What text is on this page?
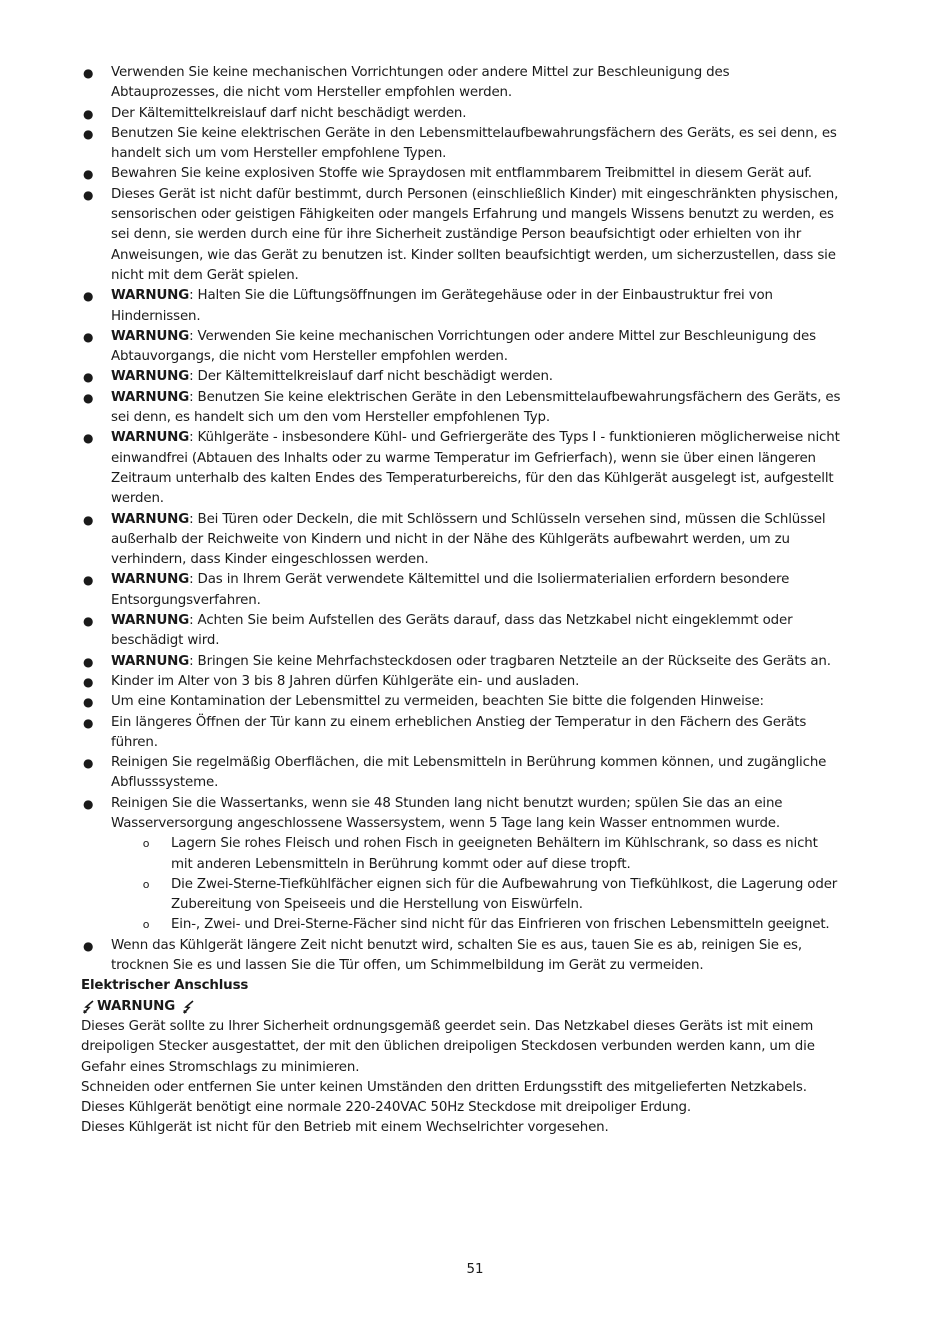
● Verwenden Sie keine mechanischen Vorrichtungen oder andere Mittel zur Beschleunigung des Abtauprozesses, die nicht vom Hersteller empfohlen werden.
● Der Kältemittelkreislauf darf nicht beschädigt werden.
● Benutzen Sie keine elektrischen Geräte in den Lebensmittelaufbewahrungsfächern des Geräts, es sei denn, es handelt sich um vom Hersteller empfohlene Typen.
● Bewahren Sie keine explosiven Stoffe wie Spraydosen mit entflammbarem Treibmittel in diesem Gerät auf.
● Dieses Gerät ist nicht dafür bestimmt, durch Personen (einschließlich Kinder) mit eingeschränkten physischen, sensorischen oder geistigen Fähigkeiten oder mangels Erfahrung und mangels Wissens benutzt zu werden, es sei denn, sie werden durch eine für ihre Sicherheit zuständige Person beaufsichtigt oder erhielten von ihr Anweisungen, wie das Gerät zu benutzen ist. Kinder sollten beaufsichtigt werden, um sicherzustellen, dass sie nicht mit dem Gerät spielen.
● WARNUNG: Halten Sie die Lüftungsöffnungen im Gerätegehäuse oder in der Einbaustruktur frei von Hindernissen.
● WARNUNG: Verwenden Sie keine mechanischen Vorrichtungen oder andere Mittel zur Beschleunigung des Abtauvorgangs, die nicht vom Hersteller empfohlen werden.
● WARNUNG: Der Kältemittelkreislauf darf nicht beschädigt werden.
● WARNUNG: Benutzen Sie keine elektrischen Geräte in den Lebensmittelaufbewahrungsfächern des Geräts, es sei denn, es handelt sich um den vom Hersteller empfohlenen Typ.
● WARNUNG: Kühlgeräte - insbesondere Kühl- und Gefriergeräte des Typs I - funktionieren möglicherweise nicht einwandfrei (Abtauen des Inhalts oder zu warme Temperatur im Gefrierfach), wenn sie über einen längeren Zeitraum unterhalb des kalten Endes des Temperaturbereichs, für den das Kühlgerät ausgelegt ist, aufgestellt werden.
● WARNUNG: Bei Türen oder Deckeln, die mit Schlössern und Schlüsseln versehen sind, müssen die Schlüssel außerhalb der Reichweite von Kindern und nicht in der Nähe des Kühlgeräts aufbewahrt werden, um zu verhindern, dass Kinder eingeschlossen werden.
● WARNUNG: Das in Ihrem Gerät verwendete Kältemittel und die Isoliermaterialien erfordern besondere Entsorgungsverfahren.
● WARNUNG: Achten Sie beim Aufstellen des Geräts darauf, dass das Netzkabel nicht eingeklemmt oder beschädigt wird.
● WARNUNG: Bringen Sie keine Mehrfachsteckdosen oder tragbaren Netzteile an der Rückseite des Geräts an.
● Kinder im Alter von 3 bis 8 Jahren dürfen Kühlgeräte ein- und ausladen.
● Um eine Kontamination der Lebensmittel zu vermeiden, beachten Sie bitte die folgenden Hinweise:
● Ein längeres Öffnen der Tür kann zu einem erheblichen Anstieg der Temperatur in den Fächern des Geräts führen.
● Reinigen Sie regelmäßig Oberflächen, die mit Lebensmitteln in Berührung kommen können, und zugängliche Abflusssysteme.
● Reinigen Sie die Wassertanks, wenn sie 48 Stunden lang nicht benutzt wurden; spülen Sie das an eine Wasserversorgung angeschlossene Wassersystem, wenn 5 Tage lang kein Wasser entnommen wurde.
o Lagern Sie rohes Fleisch und rohen Fisch in geeigneten Behältern im Kühlschrank, so dass es nicht mit anderen Lebensmitteln in Berührung kommt oder auf diese tropft.
o Die Zwei-Sterne-Tiefkühlfächer eignen sich für die Aufbewahrung von Tiefkühlkost, die Lagerung oder Zubereitung von Speiseeis und die Herstellung von Eiswürfeln.
o Ein-, Zwei- und Drei-Sterne-Fächer sind nicht für das Einfrieren von frischen Lebensmitteln geeignet.
● Wenn das Kühlgerät längere Zeit nicht benutzt wird, schalten Sie es aus, tauen Sie es ab, reinigen Sie es, trocknen Sie es und lassen Sie die Tür offen, um Schimmelbildung im Gerät zu vermeiden.
Elektrischer Anschluss
WARNUNG

Dieses Gerät sollte zu Ihrer Sicherheit ordnungsgemäß geerdet sein. Das Netzkabel dieses Geräts ist mit einem dreipoligen Stecker ausgestattet, der mit den üblichen dreipoligen Steckdosen verbunden werden kann, um die Gefahr eines Stromschlags zu minimieren.

Schneiden oder entfernen Sie unter keinen Umständen den dritten Erdungsstift des mitgelieferten Netzkabels.

Dieses Kühlgerät benötigt eine normale 220-240VAC 50Hz Steckdose mit dreipoliger Erdung.

Dieses Kühlgerät ist nicht für den Betrieb mit einem Wechselrichter vorgesehen.

51
